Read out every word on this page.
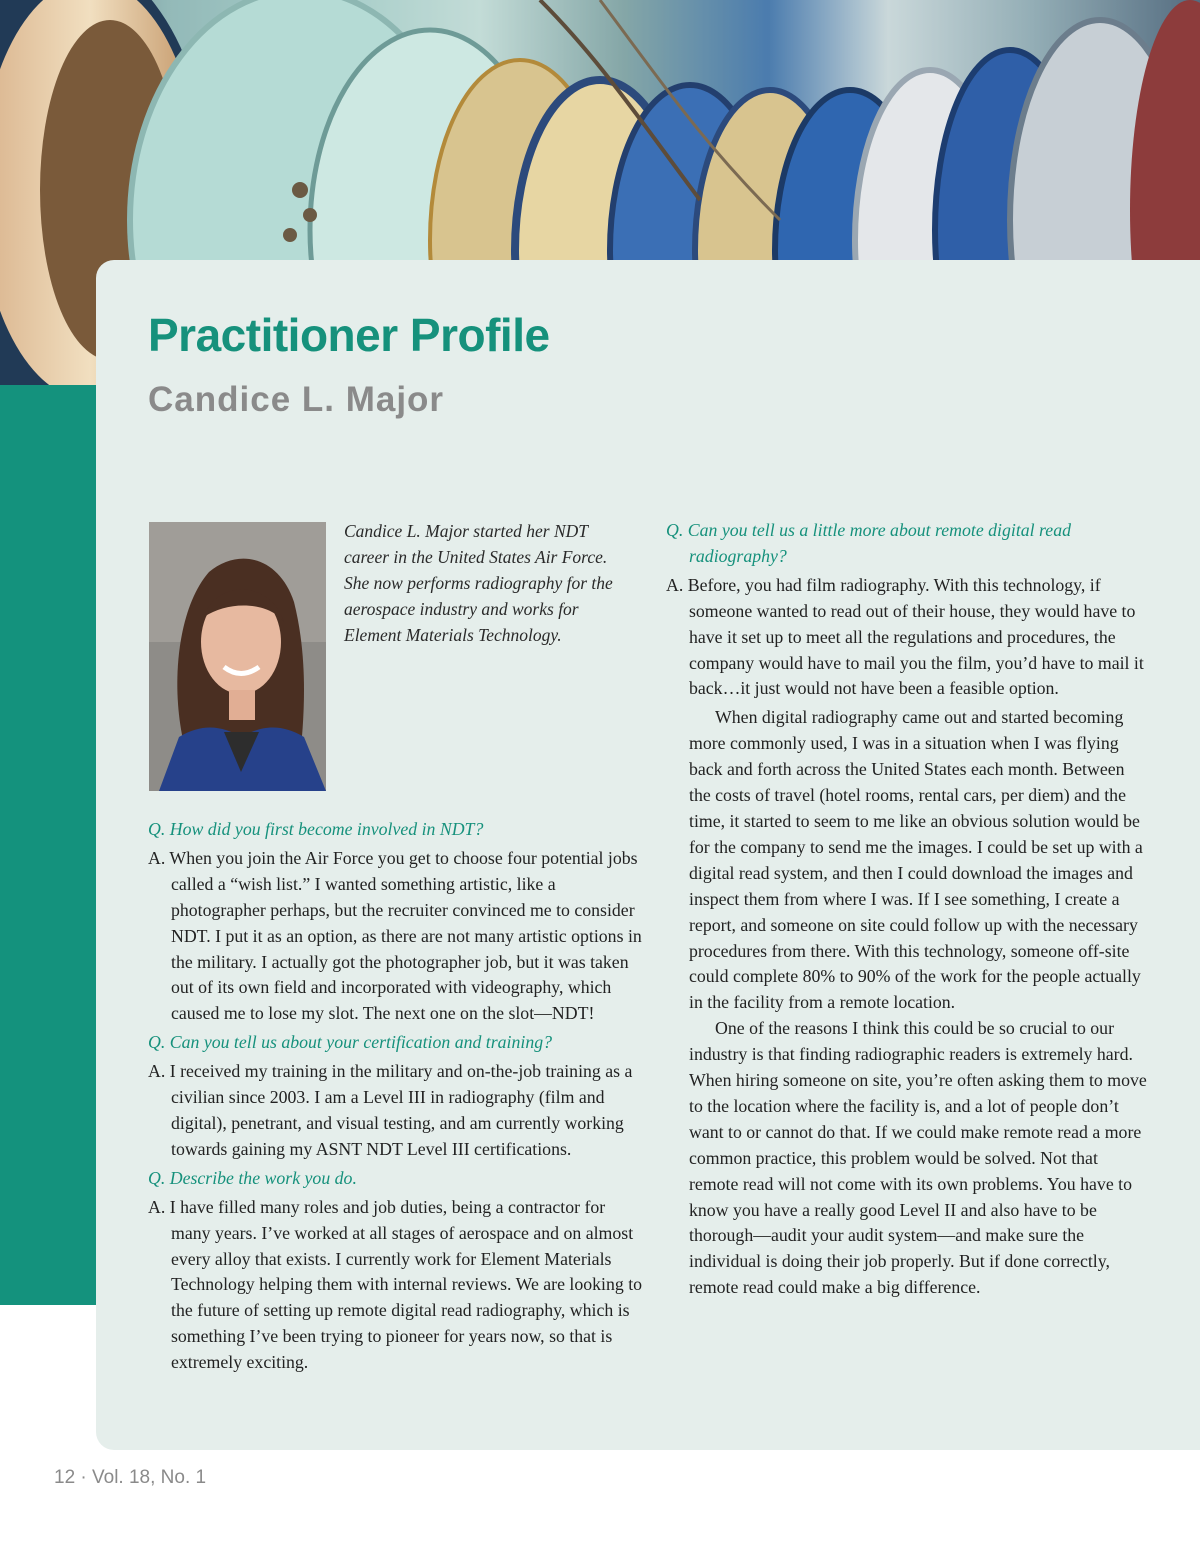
Practitioner Profile
Candice L. Major

Candice L. Major started her NDT career in the United States Air Force. She now performs radiography for the aerospace industry and works for Element Materials Technology.

Q. How did you first become involved in NDT?

A. When you join the Air Force you get to choose four potential jobs called a “wish list.” I wanted something artistic, like a photographer perhaps, but the recruiter convinced me to consider NDT. I put it as an option, as there are not many artistic options in the military. I actually got the photographer job, but it was taken out of its own field and incorporated with videography, which caused me to lose my slot. The next one on the slot—NDT!

Q. Can you tell us about your certification and training?

A. I received my training in the military and on-the-job training as a civilian since 2003. I am a Level III in radiography (film and digital), penetrant, and visual testing, and am currently working towards gaining my ASNT NDT Level III certifications.

Q. Describe the work you do.

A. I have filled many roles and job duties, being a contractor for many years. I’ve worked at all stages of aerospace and on almost every alloy that exists. I currently work for Element Materials Technology helping them with internal reviews. We are looking to the future of setting up remote digital read radiography, which is something I’ve been trying to pioneer for years now, so that is extremely exciting.

Q. Can you tell us a little more about remote digital read radiography?

A. Before, you had film radiography. With this technology, if someone wanted to read out of their house, they would have to have it set up to meet all the regulations and procedures, the company would have to mail you the film, you’d have to mail it back…it just would not have been a feasible option.

When digital radiography came out and started becoming more commonly used, I was in a situation when I was flying back and forth across the United States each month. Between the costs of travel (hotel rooms, rental cars, per diem) and the time, it started to seem to me like an obvious solution would be for the company to send me the images. I could be set up with a digital read system, and then I could download the images and inspect them from where I was. If I see something, I create a report, and someone on site could follow up with the necessary procedures from there. With this technology, someone off-site could complete 80% to 90% of the work for the people actually in the facility from a remote location.

One of the reasons I think this could be so crucial to our industry is that finding radiographic readers is extremely hard. When hiring someone on site, you’re often asking them to move to the location where the facility is, and a lot of people don’t want to or cannot do that. If we could make remote read a more common practice, this problem would be solved. Not that remote read will not come with its own problems. You have to know you have a really good Level II and also have to be thorough—audit your audit system—and make sure the individual is doing their job properly. But if done correctly, remote read could make a big difference.

12 · Vol. 18, No. 1
